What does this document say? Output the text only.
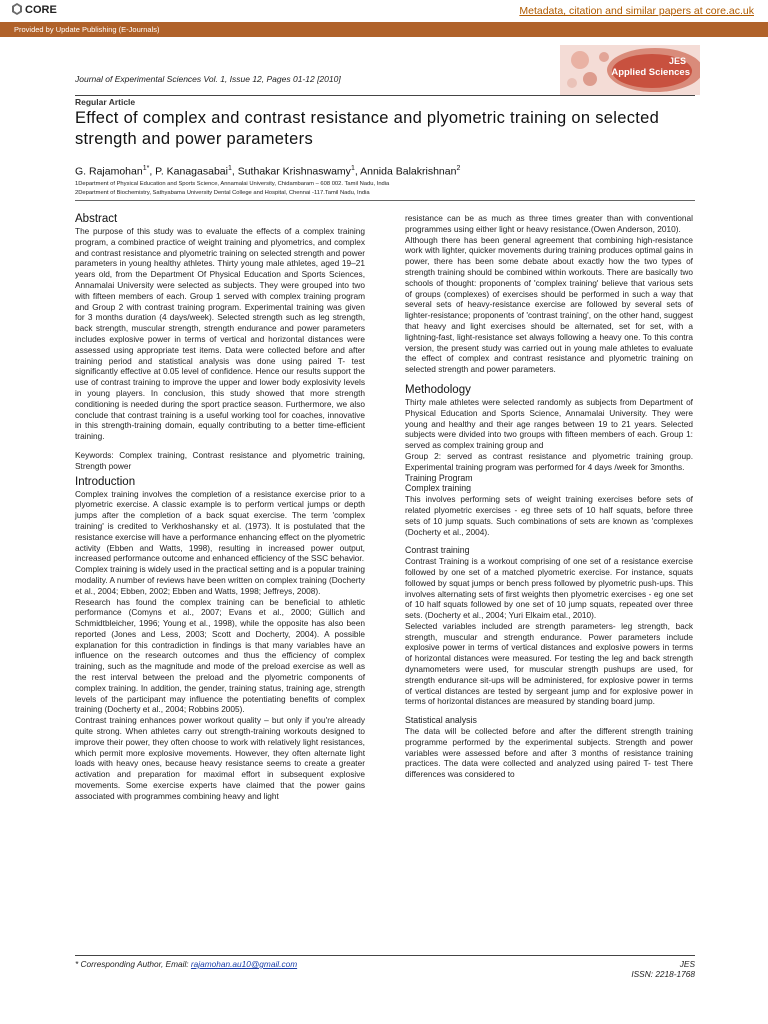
CORE	Metadata, citation and similar papers at core.ac.uk
Provided by Update Publishing (E-Journals)
Journal of Experimental Sciences Vol. 1, Issue 12, Pages 01-12 [2010]
JES
Applied Sciences
Regular Article
Effect of complex and contrast resistance and plyometric training on selected strength and power parameters
G. Rajamohan$^{1*}$, P. Kanagasabai$^1$, Suthakar Krishnaswamy$^1$, Annida Balakrishnan$^2$
1Department of Physical Education and Sports Science, Annamalai University, Chidambaram – 608 002. Tamil Nadu, India
2Department of Biochemistry, Sathyabama University Dental College and Hospital, Chennai -117.Tamil Nadu, India

Abstract

The purpose of this study was to evaluate the effects of a complex training program, a combined practice of weight training and plyometrics, and complex and contrast resistance and plyometric training on selected strength and power parameters in young healthy athletes. Thirty young male athletes, aged 19–21 years old, from the Department Of Physical Education and Sports Sciences, Annamalai University were selected as subjects. They were grouped into two with fifteen members of each. Group 1 served with complex training program and Group 2 with contrast training program. Experimental training was given for 3 months duration (4 days/week). Selected strength such as leg strength, back strength, muscular strength, strength endurance and power parameters includes explosive power in terms of vertical and horizontal distances were assessed using appropriate test items. Data were collected before and after training period and statistical analysis was done using paired T- test significantly effective at 0.05 level of confidence. Hence our results support the use of contrast training to improve the upper and lower body explosivity levels in young players. In conclusion, this study showed that more strength conditioning is needed during the sport practice season. Furthermore, we also conclude that contrast training is a useful working tool for coaches, innovative in this strength-training domain, equally contributing to a better time-efficient training.

Keywords: Complex training, Contrast resistance and plyometric training, Strength power

Introduction

Complex training involves the completion of a resistance exercise prior to a plyometric exercise. A classic example is to perform vertical jumps or depth jumps after the completion of a back squat exercise. The term 'complex training' is credited to Verkhoshansky et al. (1973). It is postulated that the resistance exercise will have a performance enhancing effect on the plyometric activity (Ebben and Watts, 1998), resulting in increased power output, increased performance outcome and enhanced efficiency of the SSC behavior.

Complex training is widely used in the practical setting and is a popular training modality. A number of reviews have been written on complex training (Docherty et al., 2004; Ebben, 2002; Ebben and Watts, 1998; Jeffreys, 2008).

Research has found the complex training can be beneficial to athletic performance (Comyns et al., 2007; Evans et al., 2000; Güllich and Schmidtbleicher, 1996; Young et al., 1998), while the opposite has also been reported (Jones and Less, 2003; Scott and Docherty, 2004). A possible explanation for this contradiction in findings is that many variables have an influence on the research outcomes and thus the efficiency of complex training, such as the magnitude and mode of the preload exercise as well as the rest interval between the preload and the plyometric components of complex training. In addition, the gender, training status, training age, strength levels of the participant may influence the potentiating benefits of complex training (Docherty et al., 2004; Robbins 2005).

Contrast training enhances power workout quality – but only if you're already quite strong. When athletes carry out strength-training workouts designed to improve their power, they often choose to work with relatively light resistances, which permit more explosive movements. However, they often alternate light loads with heavy ones, because heavy resistance seems to create a greater activation and preparation for maximal effort in subsequent explosive movements. Some exercise experts have claimed that the power gains associated with programmes combining heavy and light

resistance can be as much as three times greater than with conventional programmes using either light or heavy resistance.(Owen Anderson, 2010).

Although there has been general agreement that combining high-resistance work with lighter, quicker movements during training produces optimal gains in power, there has been some debate about exactly how the two types of strength training should be combined within workouts. There are basically two schools of thought: proponents of 'complex training' believe that various sets of groups (complexes) of exercises should be performed in such a way that several sets of heavy-resistance exercise are followed by several sets of lighter-resistance; proponents of 'contrast training', on the other hand, suggest that heavy and light exercises should be alternated, set for set, with a lightning-fast, light-resistance set always following a heavy one. To this contra version, the present study was carried out in young male athletes to evaluate the effect of complex and contrast resistance and plyometric training on selected strength and power parameters.

Methodology

Thirty male athletes were selected randomly as subjects from Department of Physical Education and Sports Science, Annamalai University. They were young and healthy and their age ranges between 19 to 21 years. Selected subjects were divided into two groups with fifteen members of each. Group 1: served as complex training group and

Group 2: served as contrast resistance and plyometric training group. Experimental training program was performed for 4 days /week for 3months.

Training Program

Complex training

This involves performing sets of weight training exercises before sets of related plyometric exercises - eg three sets of 10 half squats, before three sets of 10 jump squats. Such combinations of sets are known as 'complexes (Docherty et al., 2004).

Contrast training

Contrast Training is a workout comprising of one set of a resistance exercise followed by one set of a matched plyometric exercise. For instance, squats followed by squat jumps or bench press followed by plyometric push-ups. This involves alternating sets of first weights then plyometric exercises - eg one set of 10 half squats followed by one set of 10 jump squats, repeated over three sets. (Docherty et al., 2004; Yuri Elkaim etal., 2010).

Selected variables included are strength parameters- leg strength, back strength, muscular and strength endurance. Power parameters include explosive power in terms of vertical distances and explosive powers in terms of horizontal distances were measured. For testing the leg and back strength dynamometers were used, for muscular strength pushups are used, for strength endurance sit-ups will be administered, for explosive power in terms of vertical distances are tested by sergeant jump and for explosive power in terms of horizontal distances are measured by standing board jump.

Statistical analysis

The data will be collected before and after the different strength training programme performed by the experimental subjects. Strength and power variables were assessed before and after 3 months of resistance training practices. The data were collected and analyzed using paired T- test There differences was considered to

* Corresponding Author, Email: rajamohan.au10@gmail.com	JES
ISSN: 2218-1768
